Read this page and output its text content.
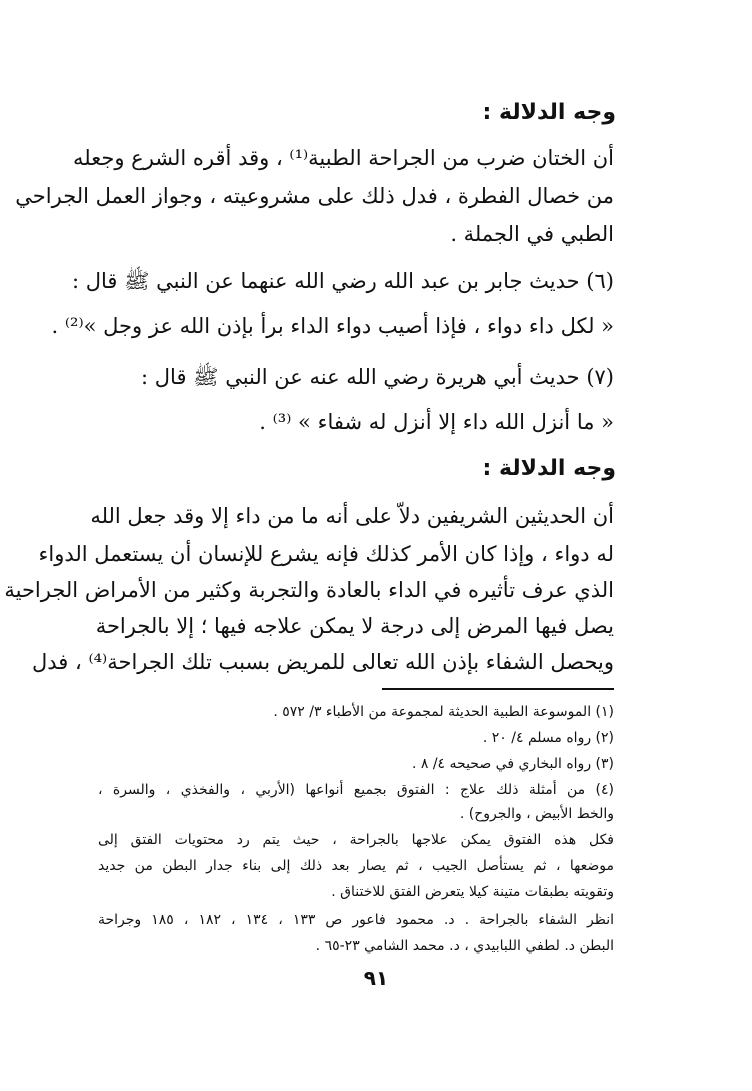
وجه الدلالة :
أن الختان ضرب من الجراحة الطبية⁽¹⁾ ، وقد أقره الشرع وجعله
من خصال الفطرة ، فدل ذلك على مشروعيته ، وجواز العمل الجراحي
الطبي في الجملة .
(٦) حديث جابر بن عبد الله رضي الله عنهما عن النبي ﷺ قال :
« لكل داء دواء ، فإذا أصيب دواء الداء برأ بإذن الله عز وجل »⁽²⁾ .
(٧) حديث أبي هريرة رضي الله عنه عن النبي ﷺ قال :
« ما أنزل الله داء إلا أنزل له شفاء » ⁽³⁾ .
وجه الدلالة :
أن الحديثين الشريفين دلاّ على أنه ما من داء إلا وقد جعل الله
له دواء ، وإذا كان الأمر كذلك فإنه يشرع للإنسان أن يستعمل الدواء
الذي عرف تأثيره في الداء بالعادة والتجربة وكثير من الأمراض الجراحية
يصل فيها المرض إلى درجة لا يمكن علاجه فيها ؛ إلا بالجراحة
ويحصل الشفاء بإذن الله تعالى للمريض بسبب تلك الجراحة⁽⁴⁾ ، فدل
(١) الموسوعة الطبية الحديثة لمجموعة من الأطباء ٣/ ٥٧٢ .
(٢) رواه مسلم ٤/ ٢٠ .
(٣) رواه البخاري في صحيحه ٤/ ٨ .
(٤) من أمثلة ذلك علاج : الفتوق بجميع أنواعها (الأربي ، والفخذي ، والسرة ،
والخط الأبيض ، والجروح) .
فكل هذه الفتوق يمكن علاجها بالجراحة ، حيث يتم رد محتويات الفتق إلى
موضعها ، ثم يستأصل الجيب ، ثم يصار بعد ذلك إلى بناء جدار البطن من جديد
وتقويته بطبقات متينة كيلا يتعرض الفتق للاختناق .
انظر الشفاء بالجراحة . د. محمود فاعور ص ١٣٣ ، ١٣٤ ، ١٨٢ ، ١٨٥ وجراحة
البطن د. لطفي اللبابيدي ، د. محمد الشامي ٢٣-٦٥ .
٩١
